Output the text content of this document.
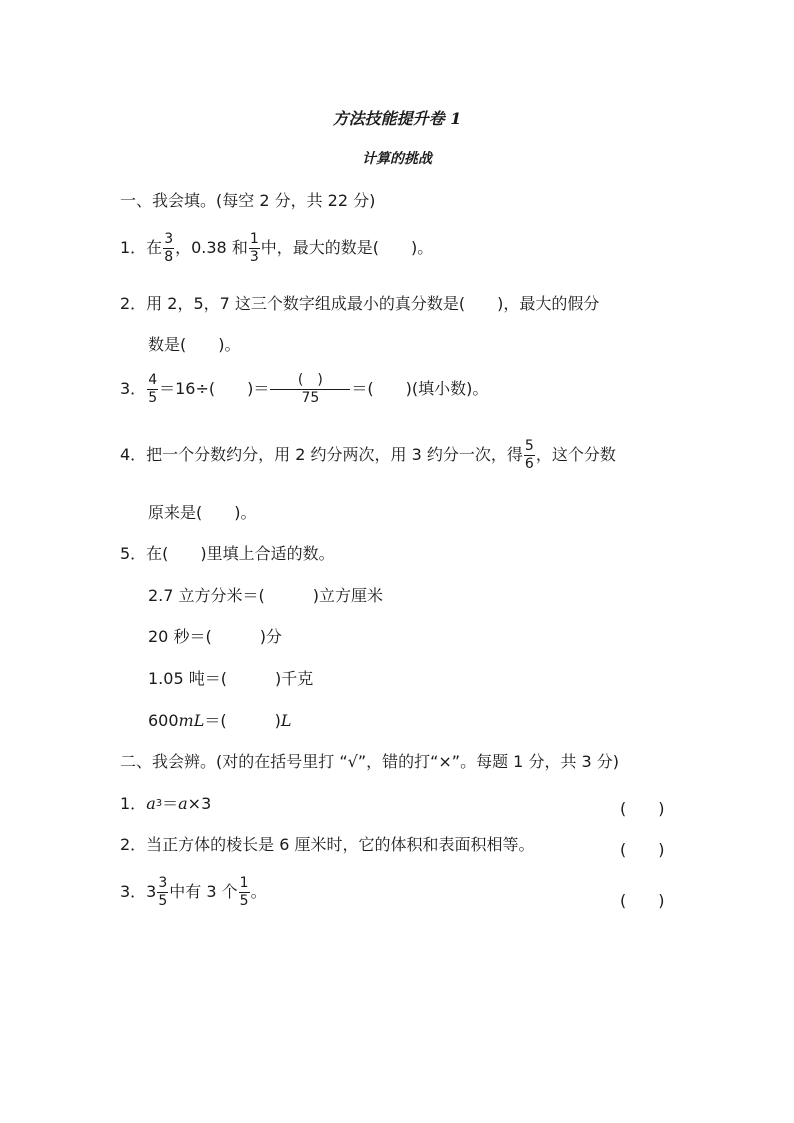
方法技能提升卷 1
计算的挑战
一、我会填。(每空 2 分，共 22 分)
1．在 $\frac{3}{8}$ ，0.38 和 $\frac{1}{3}$ 中，最大的数是(　　)。
2．用 2，5，7 这三个数字组成最小的真分数是(　　)，最大的假分
数是(　　)。
3． $\frac{4}{5} =16\div$(　　)＝ $\frac{( )}{75}$ ＝(　　)(填小数)。
4．把一个分数约分，用 2 约分两次，用 3 约分一次，得 $\frac{5}{6}$ ，这个分数
原来是(　　)。
5．在(　　)里填上合适的数。
2.7 立方分米＝(　　　)立方厘米
20 秒＝(　　　)分
1.05 吨＝(　　　)千克
600 mL ＝(　　　) L
二、我会辨。(对的在括号里打 “√”，错的打“×”。每题 1 分，共 3 分)
1． a 3 ＝ a ×3	(　　)
2．当正方体的棱长是 6 厘米时，它的体积和表面积相等。	(　　)
3．$3 \frac{3}{5}$ 中有 3 个 $\frac{1}{5}$ 。	(　　)
